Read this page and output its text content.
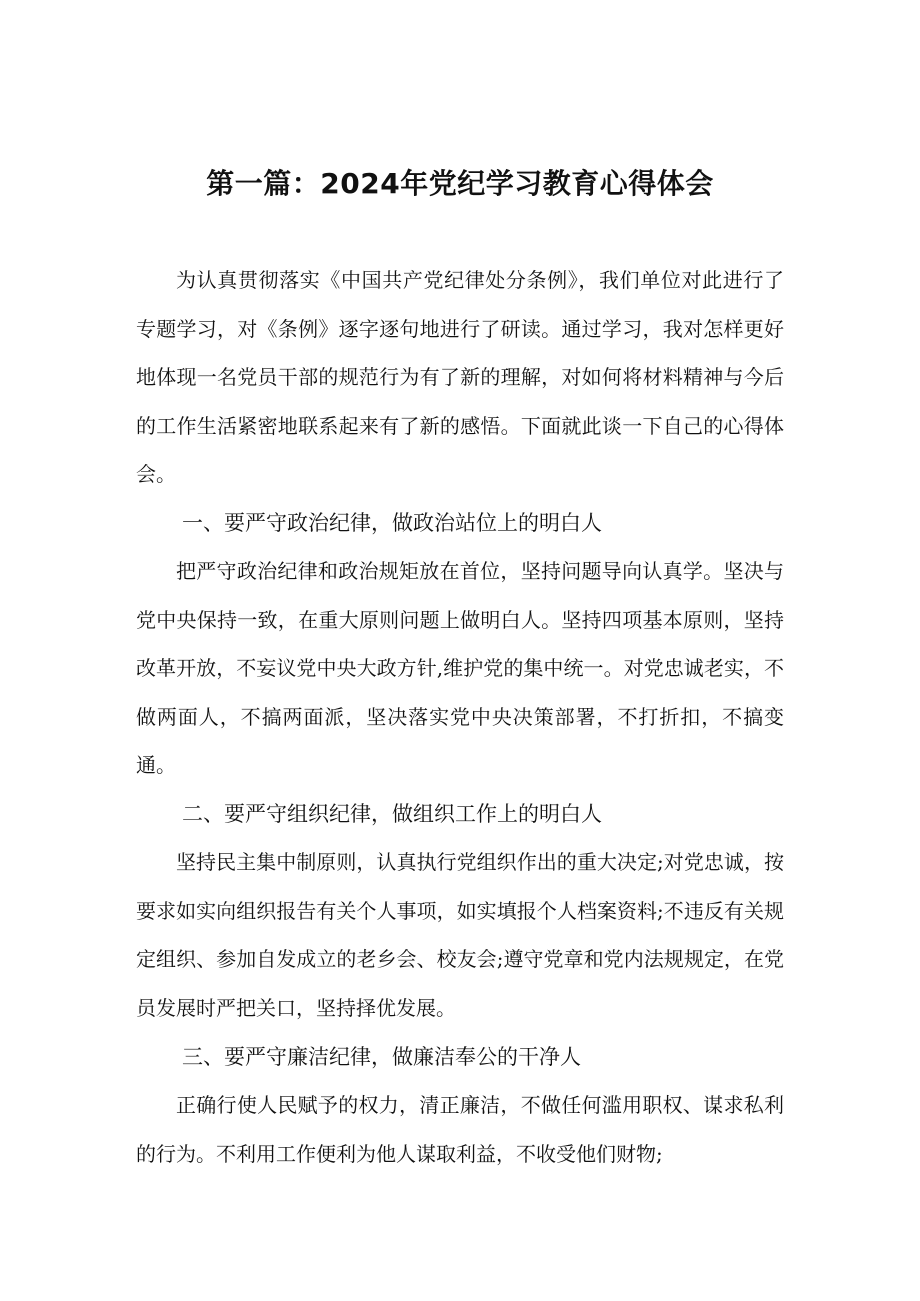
第一篇：2024年党纪学习教育心得体会

为认真贯彻落实《中国共产党纪律处分条例》，我们单位对此进行了专题学习，对《条例》逐字逐句地进行了研读。通过学习，我对怎样更好地体现一名党员干部的规范行为有了新的理解，对如何将材料精神与今后的工作生活紧密地联系起来有了新的感悟。下面就此谈一下自己的心得体会。

一、要严守政治纪律，做政治站位上的明白人

把严守政治纪律和政治规矩放在首位，坚持问题导向认真学。坚决与党中央保持一致，在重大原则问题上做明白人。坚持四项基本原则，坚持改革开放，不妄议党中央大政方针,维护党的集中统一。对党忠诚老实，不做两面人，不搞两面派，坚决落实党中央决策部署，不打折扣，不搞变通。

二、要严守组织纪律，做组织工作上的明白人

坚持民主集中制原则，认真执行党组织作出的重大决定;对党忠诚，按要求如实向组织报告有关个人事项，如实填报个人档案资料;不违反有关规定组织、参加自发成立的老乡会、校友会;遵守党章和党内法规规定，在党员发展时严把关口，坚持择优发展。

三、要严守廉洁纪律，做廉洁奉公的干净人

正确行使人民赋予的权力，清正廉洁，不做任何滥用职权、谋求私利的行为。不利用工作便利为他人谋取利益，不收受他们财物;
